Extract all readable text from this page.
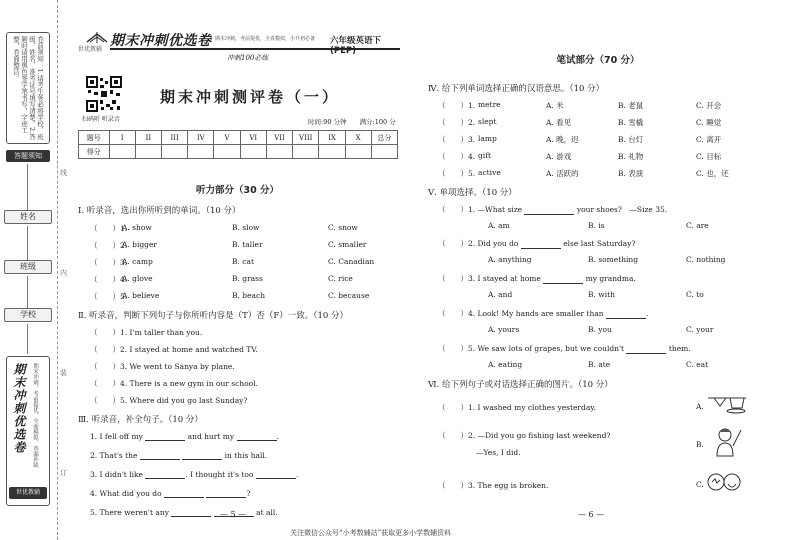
卷前须知：1.请考生务必将学校、班级、姓名、准考证号填写清楚。2.答题时请用黑色签字笔书写，字迹工整，卷面整洁。
答题须知
姓名
班级
学校
期末冲刺优选卷	期末冲刺，考前提优，全面模拟，查漏补缺
世优教辅
线
内
装
订
世优教辅
期末冲刺优选卷 期末冲刺，考前提优，全真模拟，小升初必备 六年级英语下 (PEP)
冲刺100必练
扫码听 听录音
期末冲刺测评卷（一）
时间:90 分钟　　满分:100 分
题号	I	II	III	IV	V	VI	VII	VIII	IX	X	总分
得分											
听力部分（30 分）
Ⅰ. 听录音，选出你所听到的单词。（10 分）
（　　）1.
A. show	B. slow	C. snow
（　　）2.
A. bigger	B. taller	C. smaller
（　　）3.
A. camp	B. cat	C. Canadian
（　　）4.
A. glove	B. grass	C. rice
（　　）5.
A. believe	B. beach	C. because
Ⅱ. 听录音，判断下列句子与你所听内容是（T）否（F）一致。（10 分）
（　　）1. I'm taller than you.
（　　）2. I stayed at home and watched TV.
（　　）3. We went to Sanya by plane.
（　　）4. There is a new gym in our school.
（　　）5. Where did you go last Sunday?
Ⅲ. 听录音，补全句子。（10 分）
1. I fell off my	and hurt my	.
2. That's the	in this hall.
3. I didn't like	. I thought it's too	.
4. What did you do	?
5. There weren't any	at all.
— 5 —
笔试部分（70 分）
Ⅳ. 给下列单词选择正确的汉语意思。（10 分）
（　　）1. metre	A. 米	B. 老鼠	C. 开会
（　　）2. slept	A. 看见	B. 雪橇	C. 睡觉
（　　）3. lamp	A. 晚，迟	B. 台灯	C. 离开
（　　）4. gift	A. 游戏	B. 礼物	C. 目标
（　　）5. active	A. 活跃的	B. 表演	C. 也，还
Ⅴ. 单项选择。（10 分）
（　　）1. —What size	your shoes?　—Size 35.
A. am	B. is	C. are
（　　）2. Did you do	else last Saturday?
A. anything	B. something	C. nothing
（　　）3. I stayed at home	my grandma.
A. and	B. with	C. to
（　　）4. Look! My hands are smaller than	.
A. yours	B. you	C. your
（　　）5. We saw lots of grapes, but we couldn't	them.
A. eating	B. ate	C. eat
Ⅵ. 给下列句子或对话选择正确的图片。（10 分）
（　　）1. I washed my clothes yesterday.	A.
（　　）2. —Did you go fishing last weekend?
—Yes, I did.
B.
（　　）3. The egg is broken.	C.
— 6 —
关注微信公众号“小考数辅站”获取更多小学数辅资料
